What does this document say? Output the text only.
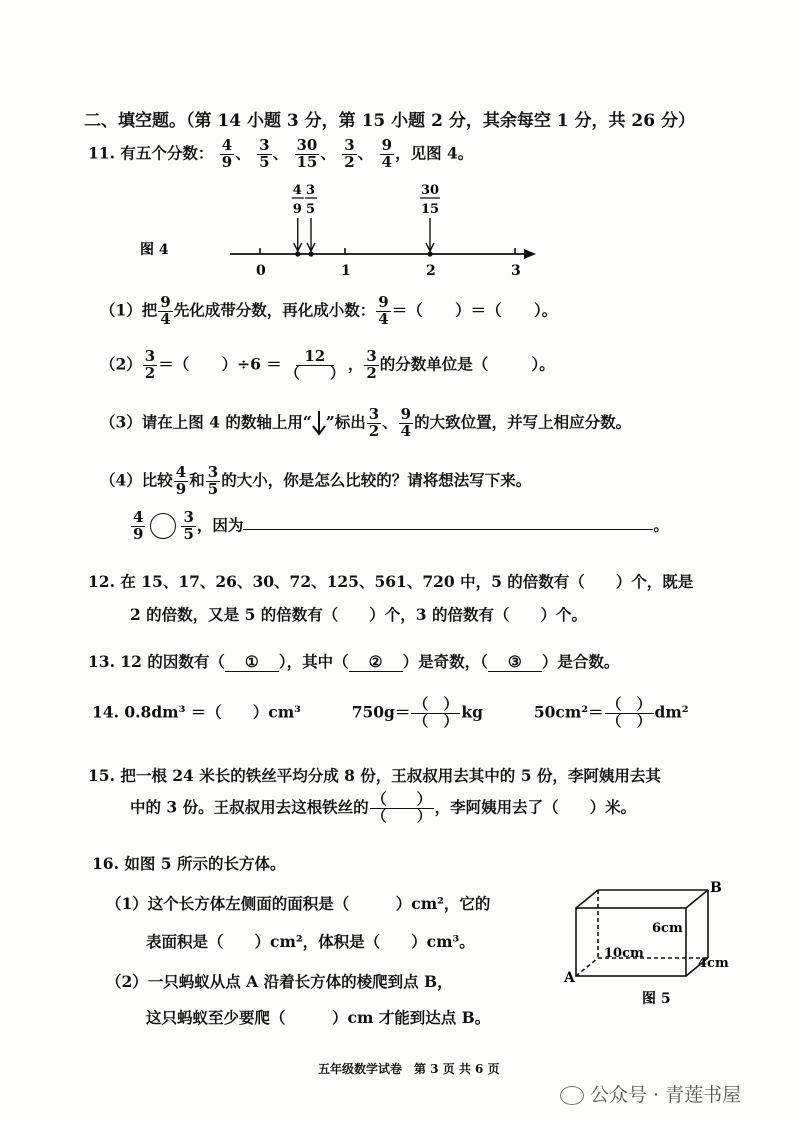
二、填空题。（第 14 小题 3 分，第 15 小题 2 分，其余每空 1 分，共 26 分）
11. 有五个分数： $\frac{4}{9}$ 、 $\frac{3}{5}$ 、 $\frac{30}{15}$ 、 $\frac{3}{2}$ 、 $\frac{9}{4}$ ，见图 4。
图 4
0	1	2	3
4
9
3
5
30
15
（1）把 $\frac{9}{4}$ 先化成带分数，再化成小数： $\frac{9}{4}$ ＝（ ）＝（ ）。
$(2) \frac{3}{2}$ ＝（ ）$\div 6 = \frac{12}{( )}$ ， $\frac{3}{2}$ 的分数单位是（	）。
（3）请在上图 4 的数轴上用“ ”标出 $\frac{3}{2}$ 、 $\frac{9}{4}$ 的大致位置，并写上相应分数。
（4）比较 $\frac{4}{9}$ 和 $\frac{3}{5}$ 的大小，你是怎么比较的？请将想法写下来。
$\frac{4}{9} \frac{3}{5}$ ，因为	。
12. 在 15、17、26、30、72、125、561、720 中，5 的倍数有（　　）个，既是
2 的倍数，又是 5 的倍数有（　　）个，3 的倍数有（　　）个。
13. 12 的因数有（ ① ），其中（ ② ）是奇数，（ ③ ）是合数。
14. 0.8dm³ ＝（　　）cm³	$750g= \frac{( )}{( )}$ kg	$50cm^2= \frac{( )}{( )} dm^2$
15. 把一根 24 米长的铁丝平均分成 8 份，王叔叔用去其中的 5 份，李阿姨用去其
中的 3 份。王叔叔用去这根铁丝的 $\frac{( )}{( )}$ ，李阿姨用去了（　　）米。
16. 如图 5 所示的长方体。
（1）这个长方体左侧面的面积是（　　　）cm²，它的
表面积是（　　）cm²，体积是（　　）cm³。
（2）一只蚂蚁从点 A 沿着长方体的棱爬到点 B，
这只蚂蚁至少要爬（　　　）cm 才能到达点 B。
B
A
6cm
10cm
4cm
图 5
五年级数学试卷　第 3 页 共 6 页
公众号 · 青莲书屋
